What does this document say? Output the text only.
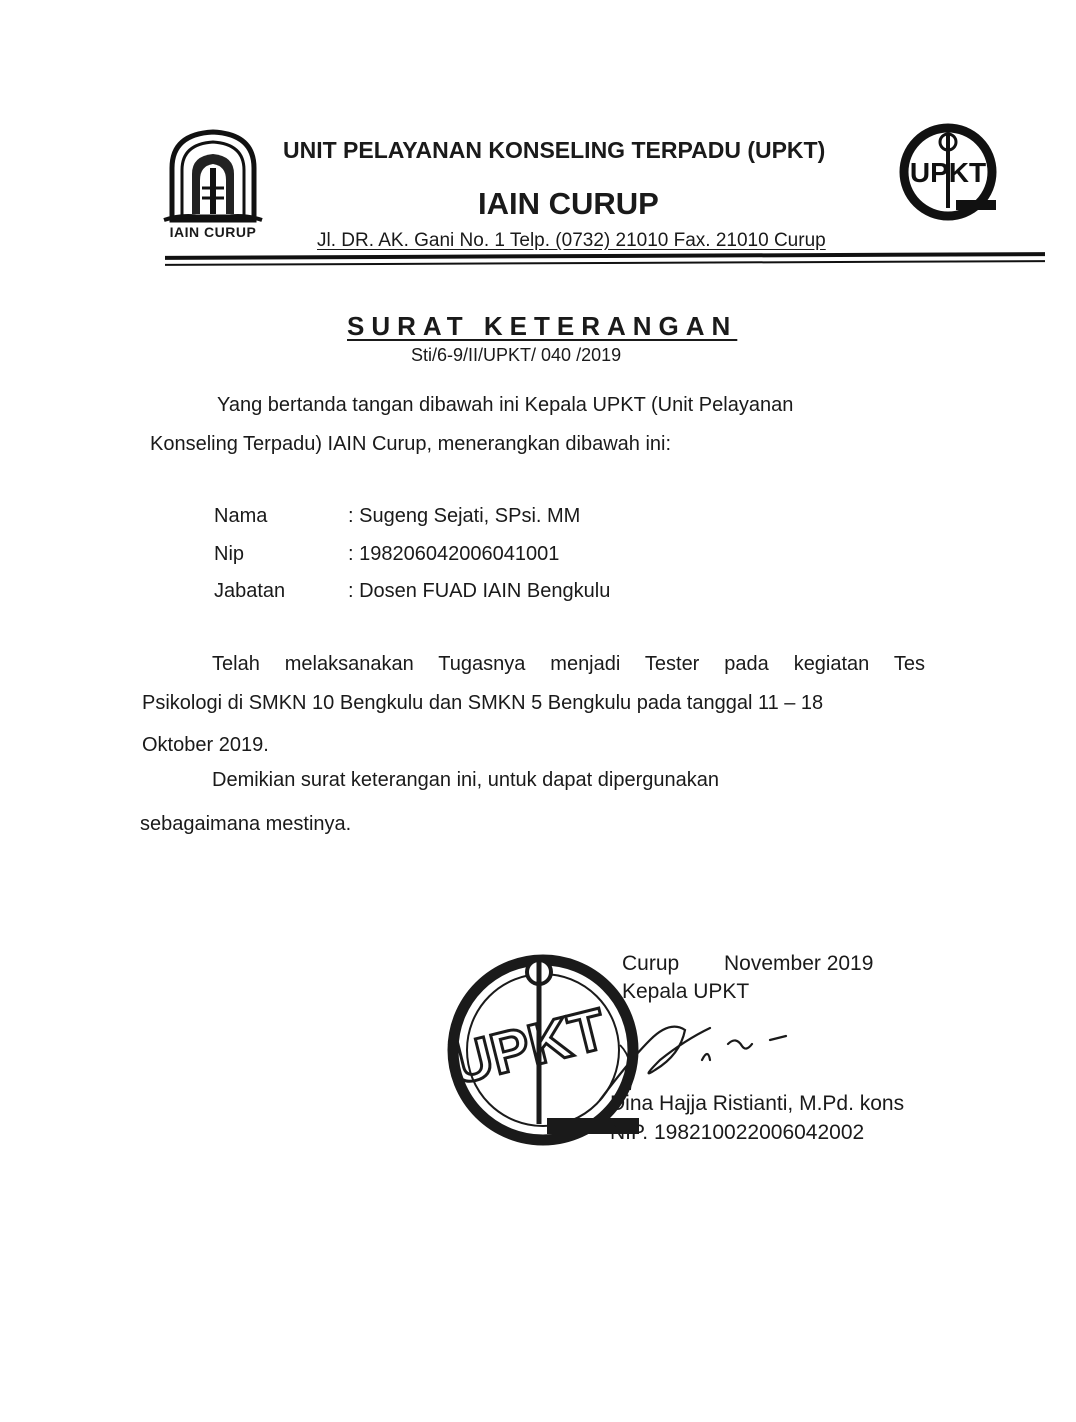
IAIN CURUP
UNIT PELAYANAN KONSELING TERPADU (UPKT)
IAIN CURUP
Jl. DR. AK. Gani No. 1 Telp. (0732) 21010 Fax. 21010 Curup
UPKT
SURAT KETERANGAN
Sti/6-9/II/UPKT/ 040 /2019
Yang bertanda tangan dibawah ini Kepala UPKT (Unit Pelayanan
Konseling Terpadu) IAIN Curup, menerangkan dibawah ini:
Nama	: Sugeng Sejati, SPsi. MM
Nip	: 198206042006041001
Jabatan	: Dosen FUAD IAIN Bengkulu
Telah melaksanakan Tugasnya menjadi Tester pada kegiatan Tes
Psikologi di SMKN 10 Bengkulu dan SMKN 5 Bengkulu pada tanggal 11 – 18
Oktober 2019.
Demikian surat keterangan ini, untuk dapat dipergunakan
sebagaimana mestinya.
UPKT
Curup November 2019
Kepala UPKT
Dina Hajja Ristianti, M.Pd. kons
NIP. 198210022006042002
